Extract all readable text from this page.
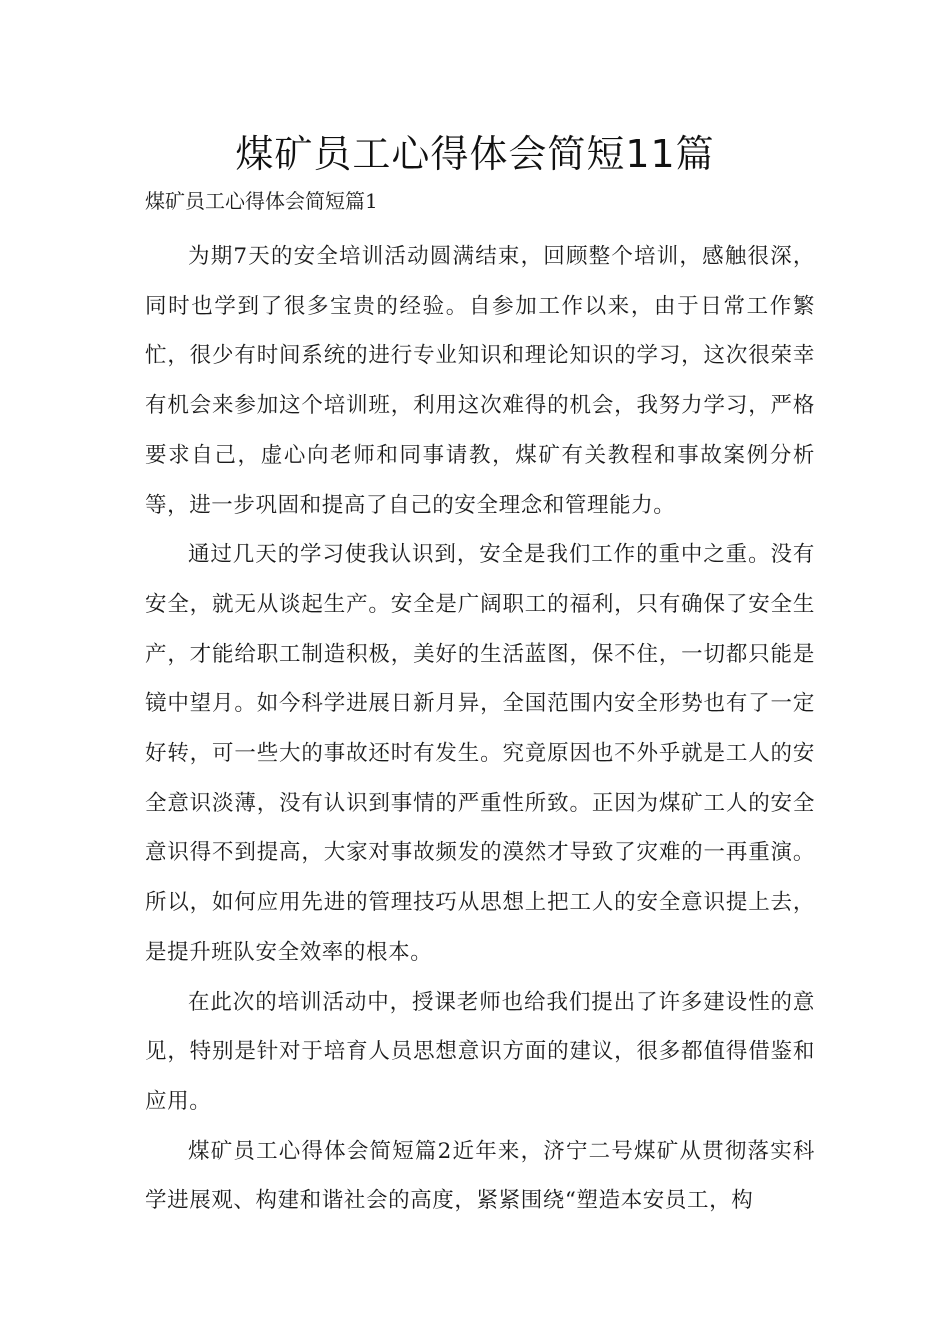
煤矿员工心得体会简短11篇

煤矿员工心得体会简短篇1

为期7天的安全培训活动圆满结束，回顾整个培训，感触很深，同时也学到了很多宝贵的经验。自参加工作以来，由于日常工作繁忙，很少有时间系统的进行专业知识和理论知识的学习，这次很荣幸有机会来参加这个培训班，利用这次难得的机会，我努力学习，严格要求自己，虚心向老师和同事请教，煤矿有关教程和事故案例分析等，进一步巩固和提高了自己的安全理念和管理能力。

通过几天的学习使我认识到，安全是我们工作的重中之重。没有安全，就无从谈起生产。安全是广阔职工的福利，只有确保了安全生产，才能给职工制造积极，美好的生活蓝图，保不住，一切都只能是镜中望月。如今科学进展日新月异，全国范围内安全形势也有了一定好转，可一些大的事故还时有发生。究竟原因也不外乎就是工人的安全意识淡薄，没有认识到事情的严重性所致。正因为煤矿工人的安全意识得不到提高，大家对事故频发的漠然才导致了灾难的一再重演。所以，如何应用先进的管理技巧从思想上把工人的安全意识提上去，是提升班队安全效率的根本。

在此次的培训活动中，授课老师也给我们提出了许多建设性的意见，特别是针对于培育人员思想意识方面的建议，很多都值得借鉴和应用。

煤矿员工心得体会简短篇2近年来，济宁二号煤矿从贯彻落实科学进展观、构建和谐社会的高度，紧紧围绕“塑造本安员工，构
